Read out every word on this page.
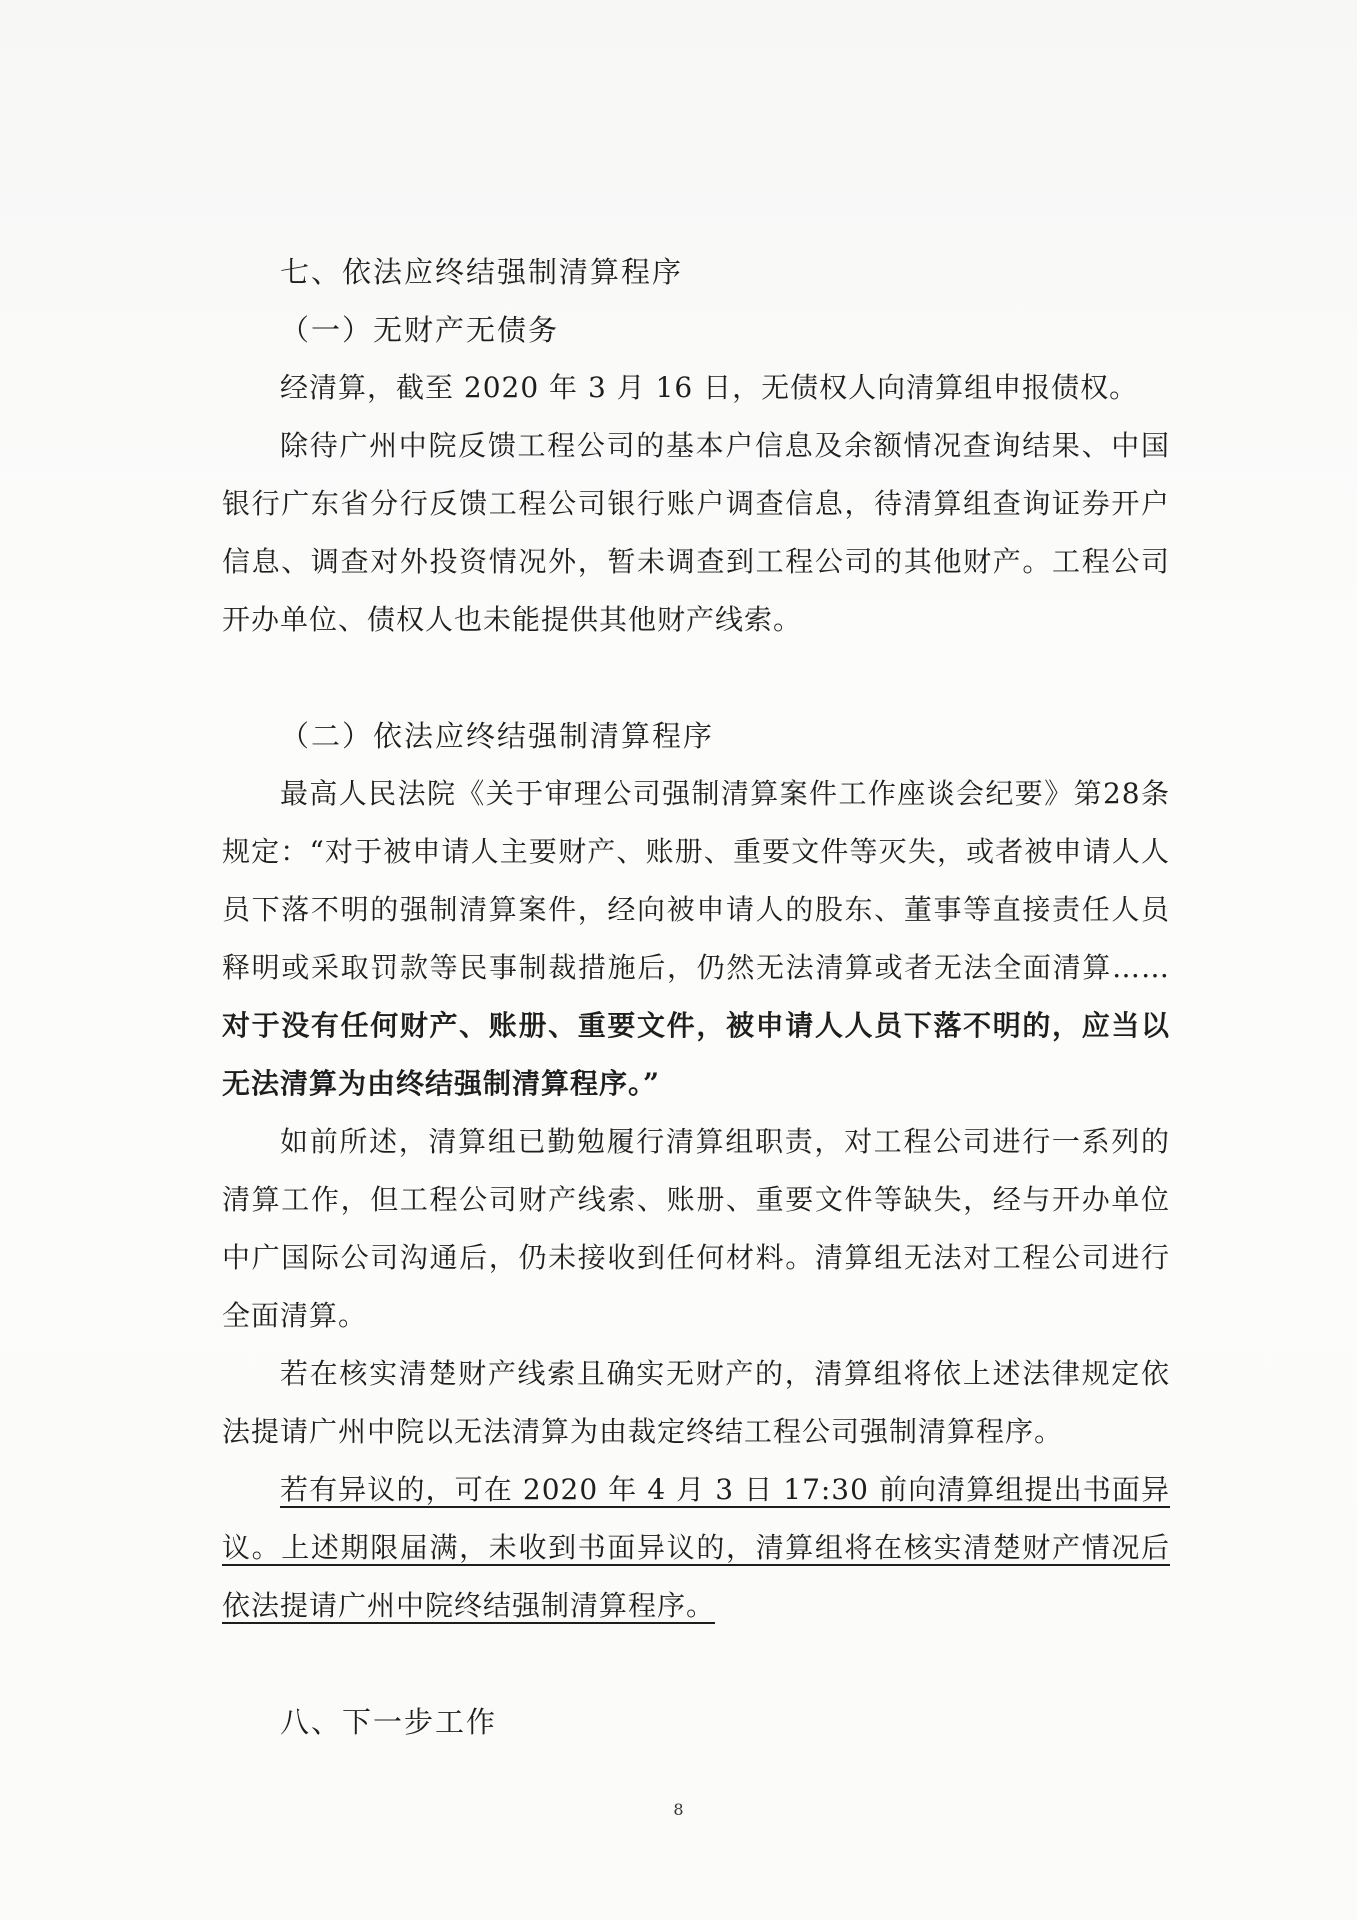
七、依法应终结强制清算程序
（一）无财产无债务

经清算，截至 2020 年 3 月 16 日，无债权人向清算组申报债权。

除待广州中院反馈工程公司的基本户信息及余额情况查询结果、中国银行广东省分行反馈工程公司银行账户调查信息，待清算组查询证券开户信息、调查对外投资情况外，暂未调查到工程公司的其他财产。工程公司开办单位、债权人也未能提供其他财产线索。

（二）依法应终结强制清算程序

最高人民法院《关于审理公司强制清算案件工作座谈会纪要》第28条规定：“对于被申请人主要财产、账册、重要文件等灭失，或者被申请人人员下落不明的强制清算案件，经向被申请人的股东、董事等直接责任人员释明或采取罚款等民事制裁措施后，仍然无法清算或者无法全面清算……对于没有任何财产、账册、重要文件，被申请人人员下落不明的，应当以无法清算为由终结强制清算程序。”

如前所述，清算组已勤勉履行清算组职责，对工程公司进行一系列的清算工作，但工程公司财产线索、账册、重要文件等缺失，经与开办单位中广国际公司沟通后，仍未接收到任何材料。清算组无法对工程公司进行全面清算。

若在核实清楚财产线索且确实无财产的，清算组将依上述法律规定依法提请广州中院以无法清算为由裁定终结工程公司强制清算程序。

若有异议的，可在 2020 年 4 月 3 日 17:30 前向清算组提出书面异议。上述期限届满，未收到书面异议的，清算组将在核实清楚财产情况后依法提请广州中院终结强制清算程序。

八、下一步工作
8
